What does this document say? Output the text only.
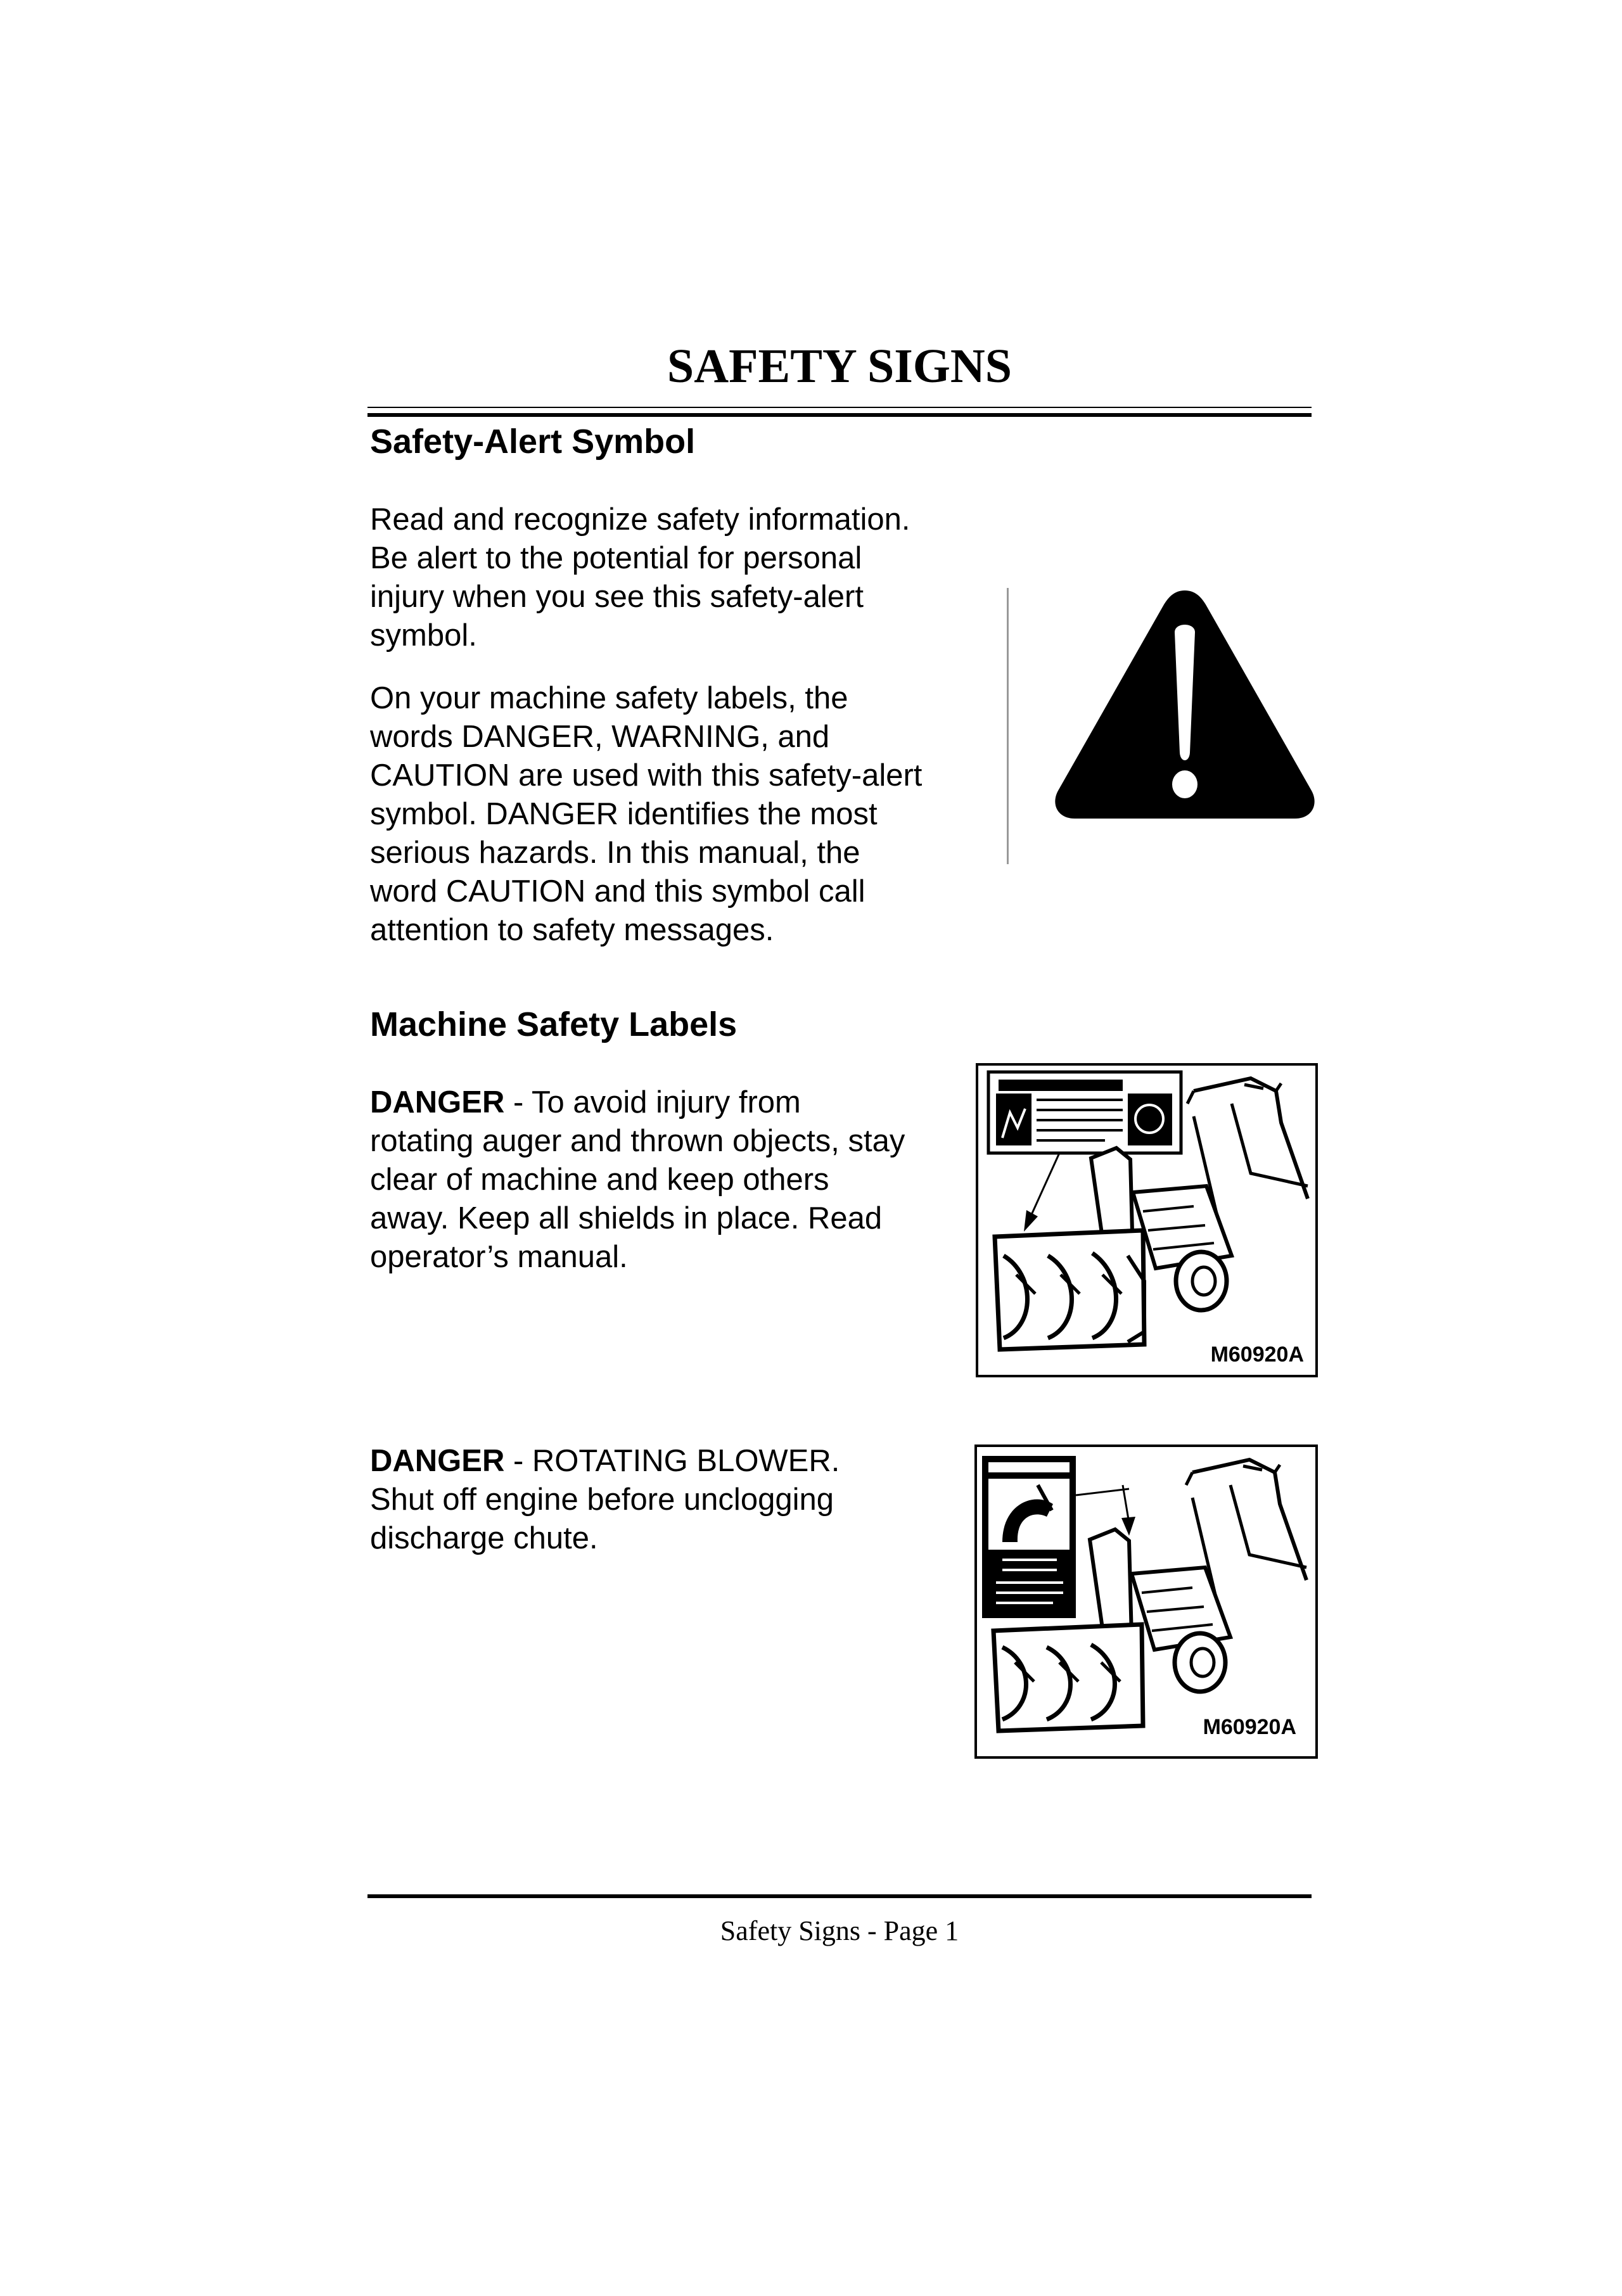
SAFETY SIGNS
Safety-Alert Symbol
Read and recognize safety information.
Be alert to the potential for personal
injury when you see this safety-alert
symbol.
On your machine safety labels, the
words DANGER, WARNING, and
CAUTION are used with this safety-alert
symbol. DANGER identifies the most
serious hazards. In this manual, the
word CAUTION and this symbol call
attention to safety messages.
Machine Safety Labels
DANGER - To avoid injury from
rotating auger and thrown objects, stay
clear of machine and keep others
away. Keep all shields in place. Read
operator’s manual.
M60920A
DANGER - ROTATING BLOWER.
Shut off engine before unclogging
discharge chute.
M60920A
Safety Signs - Page 1
